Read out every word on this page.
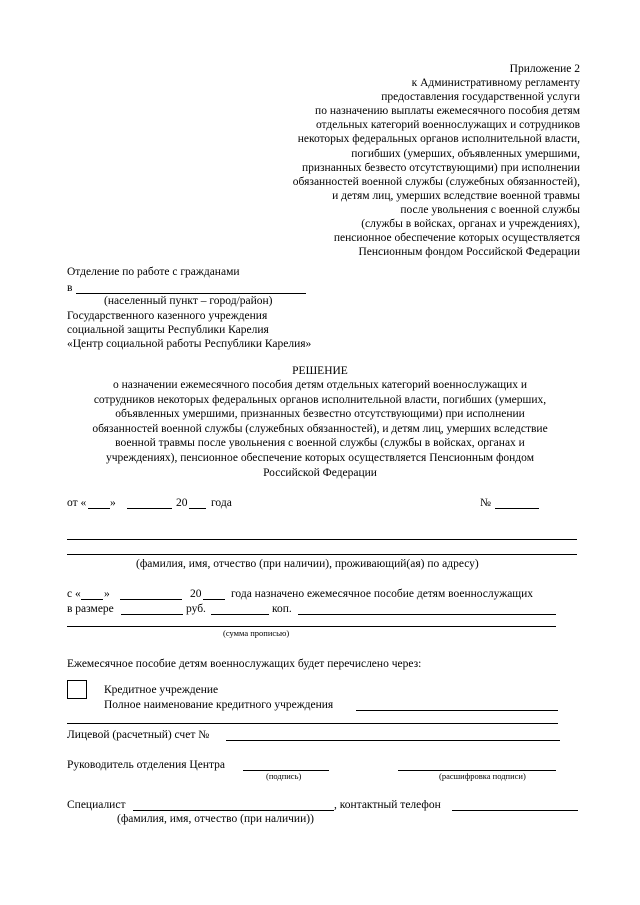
Приложение 2
к Административному регламенту
предоставления государственной услуги
по назначению выплаты ежемесячного пособия детям
отдельных категорий военнослужащих и сотрудников
некоторых федеральных органов исполнительной власти,
погибших (умерших, объявленных умершими,
признанных безвесто отсутствующими) при исполнении
обязанностей военной службы (служебных обязанностей),
и детям лиц, умерших вследствие военной травмы
после увольнения с военной службы
(службы в войсках, органах и учреждениях),
пенсионное обеспечение которых осуществляется
Пенсионным фондом Российской Федерации
Отделение по работе с гражданами
в
(населенный пункт – город/район)
Государственного казенного учреждения
социальной защиты Республики Карелия
«Центр социальной работы Республики Карелия»
РЕШЕНИЕ
о назначении ежемесячного пособия детям отдельных категорий военнослужащих и
сотрудников некоторых федеральных органов исполнительной власти, погибших (умерших,
объявленных умершими, признанных безвестно отсутствующими) при исполнении
обязанностей военной службы (служебных обязанностей), и детям лиц, умерших вследствие
военной травмы после увольнения с военной службы (службы в войсках, органах и
учреждениях), пенсионное обеспечение которых осуществляется Пенсионным фондом
Российской Федерации
от « »	20 года	№
(фамилия, имя, отчество (при наличии), проживающий(ая) по адресу)
с « »	20	года назначено ежемесячное пособие детям военнослужащих
в размере	руб.	коп.
(сумма прописью)
Ежемесячное пособие детям военнослужащих будет перечислено через:
Кредитное учреждение
Полное наименование кредитного учреждения
Лицевой (расчетный) счет №
Руководитель отделения Центра
(подпись)	(расшифровка подписи)
Специалист	, контактный телефон
(фамилия, имя, отчество (при наличии))
